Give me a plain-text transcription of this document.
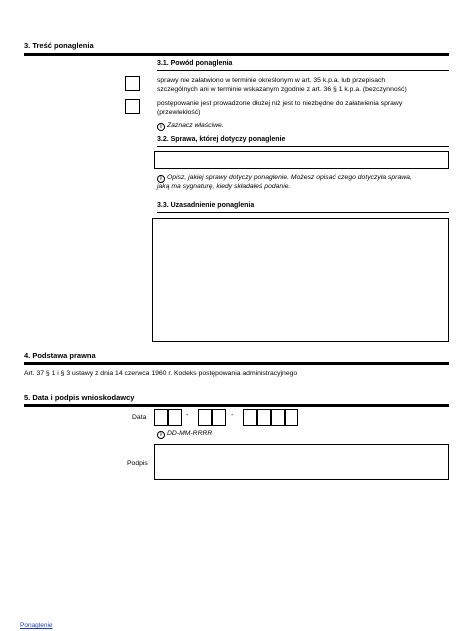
3. Treść ponaglenia
3.1. Powód ponaglenia
sprawy nie załatwiono w terminie określonym w art. 35 k.p.a. lub przepisach
szczególnych ani w terminie wskazanym zgodnie z art. 36 § 1 k.p.a. (bezczynność)
postępowanie jest prowadzone dłużej niż jest to niezbędne do załatwienia sprawy
(przewlekłość)
i Zaznacz właściwe.
3.2. Sprawa, której dotyczy ponaglenie
i Opisz, jakiej sprawy dotyczy ponaglenie. Możesz opisać czego dotyczyła sprawa,
jaką ma sygnaturę, kiedy składałeś podanie.
3.3. Uzasadnienie ponaglenia
4. Podstawa prawna
Art. 37 § 1 i § 3 ustawy z dnia 14 czerwca 1960 r. Kodeks postępowania administracyjnego
5. Data i podpis wnioskodawcy
Data	-	-
i DD-MM-RRRR
Podpis
Ponaglenie
